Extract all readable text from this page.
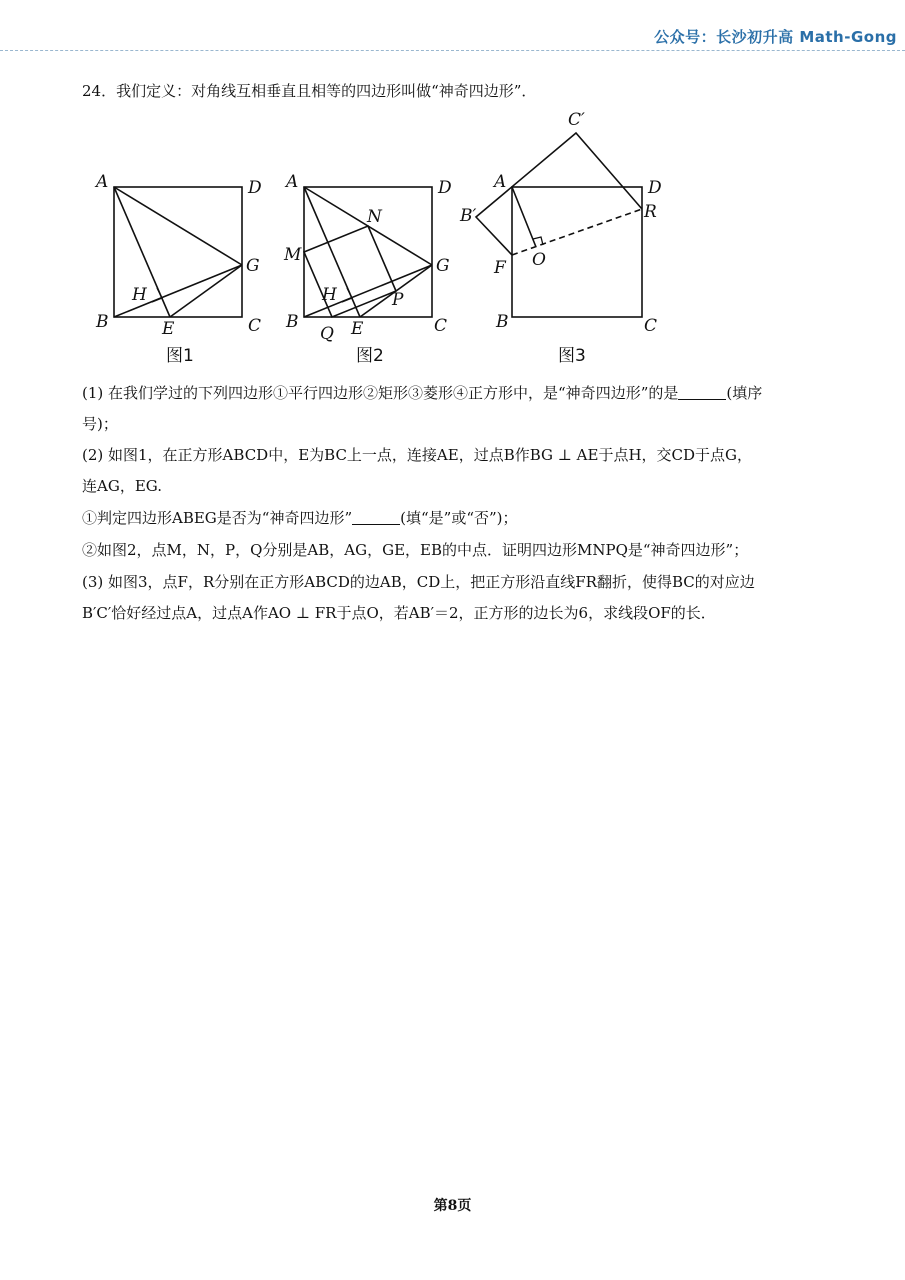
公众号：长沙初升高 Math-Gong
24．我们定义：对角线互相垂直且相等的四边形叫做“神奇四边形”．
A	D
B	C
E
G
H
图1
A	D
B	C
E
G
H
M
N
P
Q
图2
A	D
B	C
F
R
O
B′
C′
图3
(1) 在我们学过的下列四边形①平行四边形②矩形③菱形④正方形中，是“神奇四边形”的是	(填序
号)；
(2) 如图1，在正方形ABCD中，E为BC上一点，连接AE，过点B作BG ⊥ AE于点H，交CD于点G，
连AG，EG.
①判定四边形ABEG是否为“神奇四边形”	(填“是”或“否”)；
②如图2，点M，N，P，Q分别是AB，AG，GE，EB的中点．证明四边形MNPQ是“神奇四边形”；
(3) 如图3，点F，R分别在正方形ABCD的边AB，CD上，把正方形沿直线FR翻折，使得BC的对应边
B′C′恰好经过点A，过点A作AO ⊥ FR于点O，若AB′＝2，正方形的边长为6，求线段OF的长．
第8页
